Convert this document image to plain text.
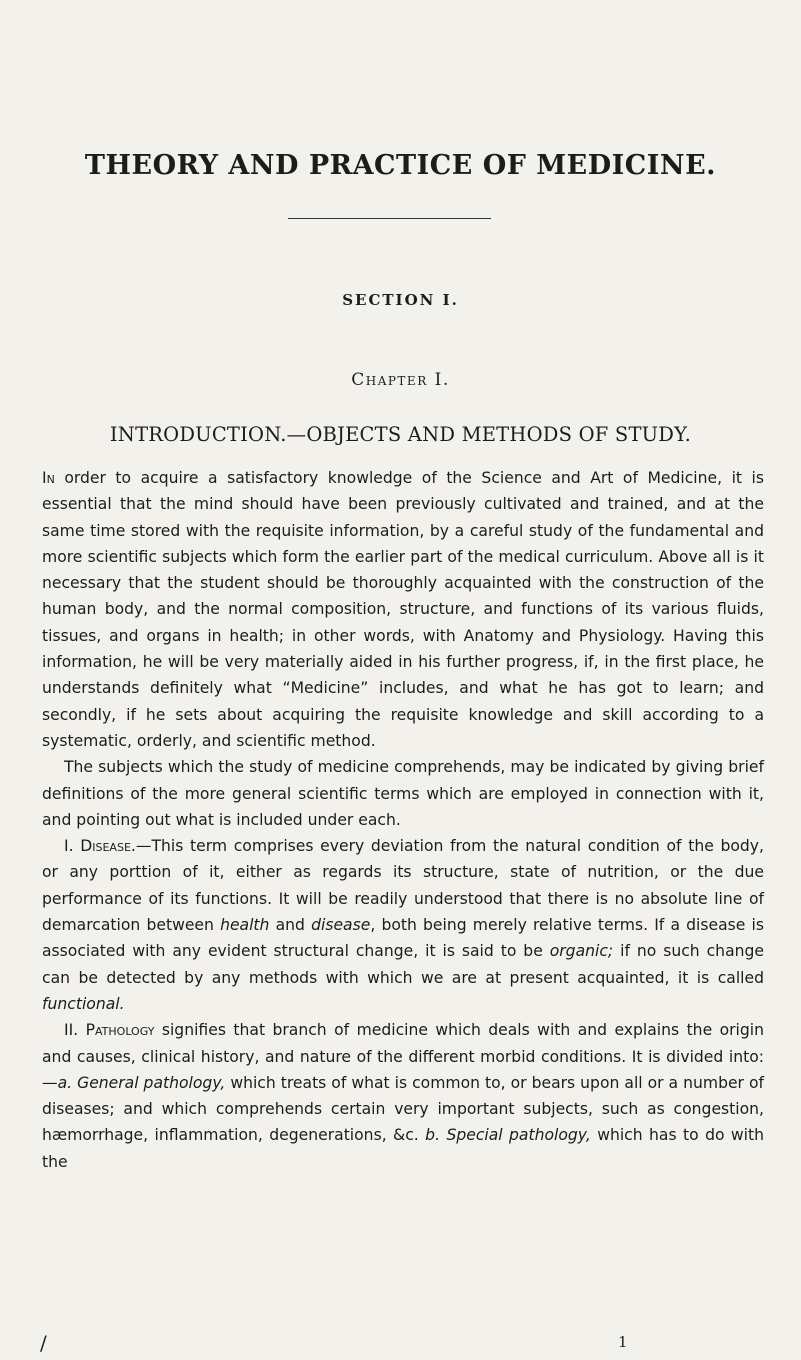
THEORY AND PRACTICE OF MEDICINE.
SECTION I.
Chapter I.
INTRODUCTION.—OBJECTS AND METHODS OF STUDY.

In order to acquire a satisfactory knowledge of the Science and Art of Medicine, it is essential that the mind should have been previously cultivated and trained, and at the same time stored with the requisite information, by a careful study of the fundamental and more scientific subjects which form the earlier part of the medical curriculum. Above all is it necessary that the student should be thoroughly acquainted with the construction of the human body, and the normal composition, structure, and functions of its various fluids, tissues, and organs in health; in other words, with Anatomy and Physiology. Having this information, he will be very materially aided in his further progress, if, in the first place, he understands definitely what “Medicine” includes, and what he has got to learn; and secondly, if he sets about acquiring the requisite knowledge and skill according to a systematic, orderly, and scientific method.

The subjects which the study of medicine comprehends, may be indicated by giving brief definitions of the more general scientific terms which are employed in connection with it, and pointing out what is included under each.

I. Disease.—This term comprises every deviation from the natural condition of the body, or any porttion of it, either as regards its structure, state of nutrition, or the due performance of its functions. It will be readily understood that there is no absolute line of demarcation between health and disease, both being merely relative terms. If a disease is associated with any evident structural change, it is said to be organic; if no such change can be detected by any methods with which we are at present acquainted, it is called functional.

II. Pathology signifies that branch of medicine which deals with and explains the origin and causes, clinical history, and nature of the different morbid conditions. It is divided into:—a. General pathology, which treats of what is common to, or bears upon all or a number of diseases; and which comprehends certain very important subjects, such as congestion, hæmorrhage, inflammation, degenerations, &c. b. Special pathology, which has to do with the

/	1
